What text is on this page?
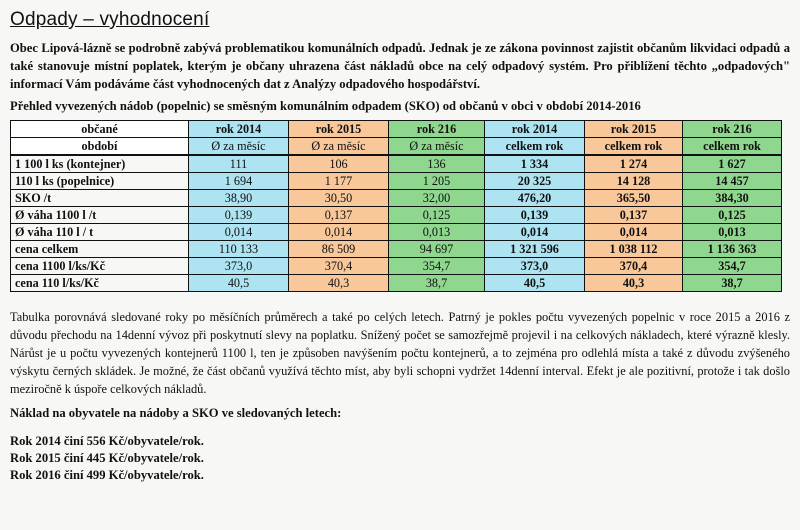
Odpady – vyhodnocení

Obec Lipová-lázně se podrobně zabývá problematikou komunálních odpadů. Jednak je ze zákona povinnost zajistit občanům likvidaci odpadů a také stanovuje místní poplatek, kterým je občany uhrazena část nákladů obce na celý odpadový systém. Pro přiblížení těchto „odpadových" informací Vám podáváme část vyhodnocených dat z Analýzy odpadového hospodářství.

Přehled vyvezených nádob (popelnic) se směsným komunálním odpadem (SKO) od občanů v obci v období 2014-2016

občané	rok 2014	rok 2015	rok 216	rok 2014	rok 2015	rok 216
období	Ø za měsíc	Ø za měsíc	Ø za měsíc	celkem rok	celkem rok	celkem rok
1 100 l ks (kontejner)	111	106	136	1 334	1 274	1 627
110 l ks (popelnice)	1 694	1 177	1 205	20 325	14 128	14 457
SKO /t	38,90	30,50	32,00	476,20	365,50	384,30
Ø váha 1100 l /t	0,139	0,137	0,125	0,139	0,137	0,125
Ø váha 110 l / t	0,014	0,014	0,013	0,014	0,014	0,013
cena celkem	110 133	86 509	94 697	1 321 596	1 038 112	1 136 363
cena 1100 l/ks/Kč	373,0	370,4	354,7	373,0	370,4	354,7
cena 110 l/ks/Kč	40,5	40,3	38,7	40,5	40,3	38,7

Tabulka porovnává sledované roky po měsíčních průměrech a také po celých letech. Patrný je pokles počtu vyvezených popelnic v roce 2015 a 2016 z důvodu přechodu na 14denní vývoz při poskytnutí slevy na poplatku. Snížený počet se samozřejmě projevil i na celkových nákladech, které výrazně klesly. Nárůst je u počtu vyvezených kontejnerů 1100 l, ten je způsoben navýšením počtu kontejnerů, a to zejména pro odlehlá místa a také z důvodu zvýšeného výskytu černých skládek. Je možné, že část občanů využívá těchto míst, aby byli schopni vydržet 14denní interval. Efekt je ale pozitivní, protože i tak došlo meziročně k úspoře celkových nákladů.

Náklad na obyvatele na nádoby a SKO ve sledovaných letech:

Rok 2014 činí 556 Kč/obyvatele/rok.

Rok 2015 činí 445 Kč/obyvatele/rok.

Rok 2016 činí 499 Kč/obyvatele/rok.
